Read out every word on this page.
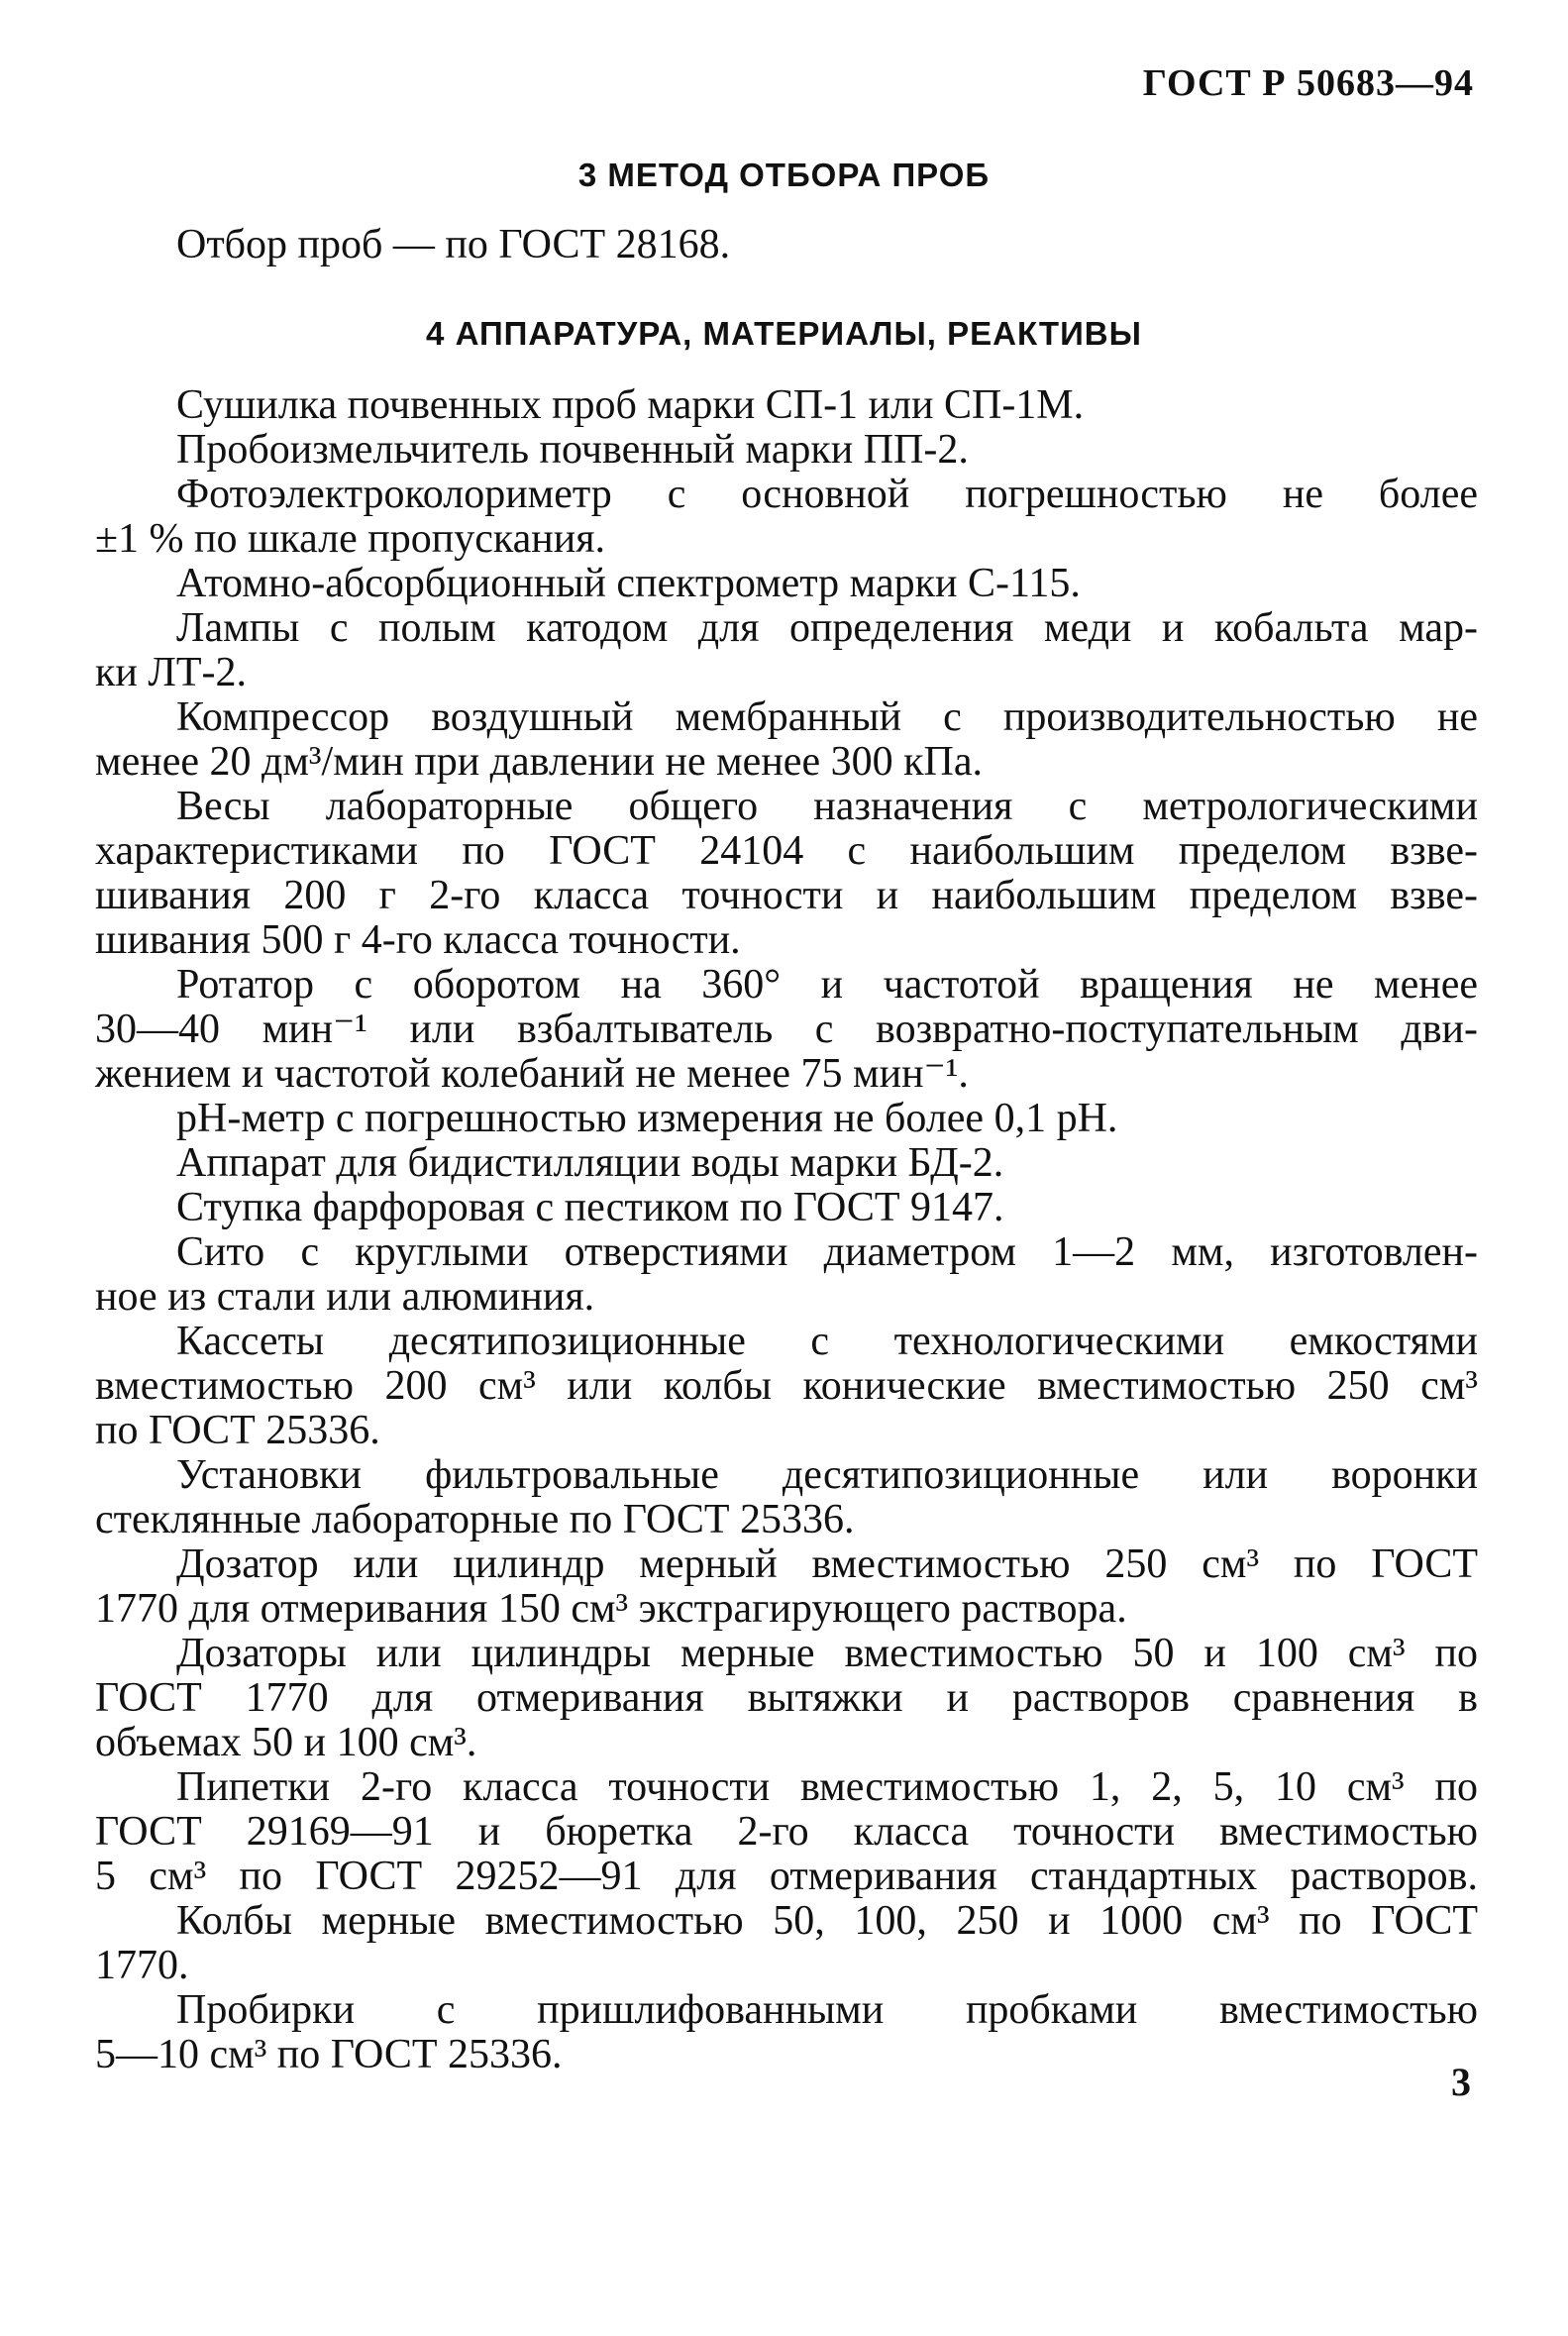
ГОСТ Р 50683—94
3 МЕТОД ОТБОРА ПРОБ
Отбор проб — по ГОСТ 28168.
4 АППАРАТУРА, МАТЕРИАЛЫ, РЕАКТИВЫ
Сушилка почвенных проб марки СП-1 или СП-1М.
Пробоизмельчитель почвенный марки ПП-2.
Фотоэлектроколориметр с основной погрешностью не более
±1 % по шкале пропускания.
Атомно-абсорбционный спектрометр марки С-115.
Лампы с полым катодом для определения меди и кобальта мар-
ки ЛТ-2.
Компрессор воздушный мембранный с производительностью не
менее 20 дм³/мин при давлении не менее 300 кПа.
Весы лабораторные общего назначения с метрологическими
характеристиками по ГОСТ 24104 с наибольшим пределом взве-
шивания 200 г 2-го класса точности и наибольшим пределом взве-
шивания 500 г 4-го класса точности.
Ротатор с оборотом на 360° и частотой вращения не менее
30—40 мин⁻¹ или взбалтыватель с возвратно-поступательным дви-
жением и частотой колебаний не менее 75 мин⁻¹.
pH-метр с погрешностью измерения не более 0,1 pH.
Аппарат для бидистилляции воды марки БД-2.
Ступка фарфоровая с пестиком по ГОСТ 9147.
Сито с круглыми отверстиями диаметром 1—2 мм, изготовлен-
ное из стали или алюминия.
Кассеты десятипозиционные с технологическими емкостями
вместимостью 200 см³ или колбы конические вместимостью 250 см³
по ГОСТ 25336.
Установки фильтровальные десятипозиционные или воронки
стеклянные лабораторные по ГОСТ 25336.
Дозатор или цилиндр мерный вместимостью 250 см³ по ГОСТ
1770 для отмеривания 150 см³ экстрагирующего раствора.
Дозаторы или цилиндры мерные вместимостью 50 и 100 см³ по
ГОСТ 1770 для отмеривания вытяжки и растворов сравнения в
объемах 50 и 100 см³.
Пипетки 2-го класса точности вместимостью 1, 2, 5, 10 см³ по
ГОСТ 29169—91 и бюретка 2-го класса точности вместимостью
5 см³ по ГОСТ 29252—91 для отмеривания стандартных растворов.
Колбы мерные вместимостью 50, 100, 250 и 1000 см³ по ГОСТ
1770.
Пробирки с пришлифованными пробками вместимостью
5—10 см³ по ГОСТ 25336.
3
